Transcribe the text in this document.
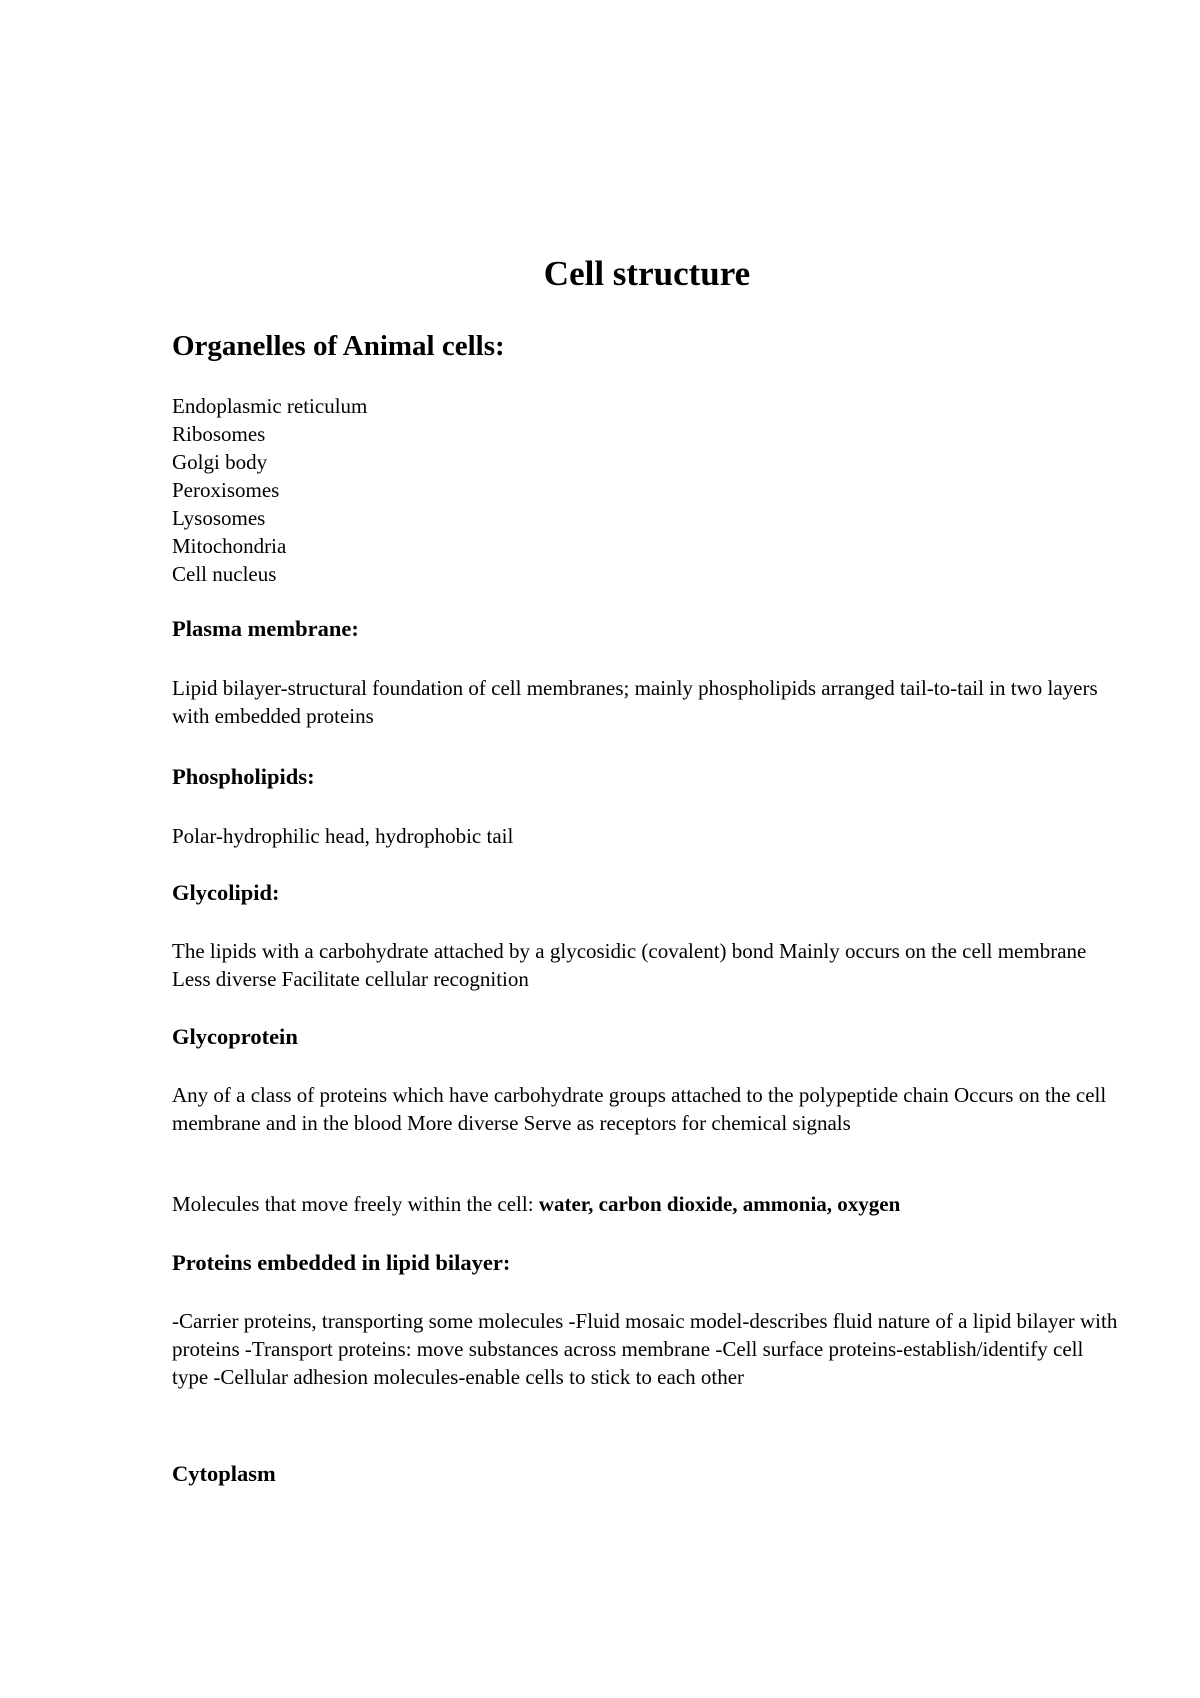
Cell structure
Organelles of Animal cells:
Endoplasmic reticulum
Ribosomes
Golgi body
Peroxisomes
Lysosomes
Mitochondria
Cell nucleus
Plasma membrane:

Lipid bilayer-structural foundation of cell membranes; mainly phospholipids arranged tail-to-tail in two layers with embedded proteins

Phospholipids:

Polar-hydrophilic head, hydrophobic tail

Glycolipid:

The lipids with a carbohydrate attached by a glycosidic (covalent) bond Mainly occurs on the cell membrane Less diverse Facilitate cellular recognition

Glycoprotein

Any of a class of proteins which have carbohydrate groups attached to the polypeptide chain Occurs on the cell membrane and in the blood More diverse Serve as receptors for chemical signals

Molecules that move freely within the cell: water, carbon dioxide, ammonia, oxygen

Proteins embedded in lipid bilayer:

-Carrier proteins, transporting some molecules -Fluid mosaic model-describes fluid nature of a lipid bilayer with proteins -Transport proteins: move substances across membrane -Cell surface proteins-establish/identify cell type -Cellular adhesion molecules-enable cells to stick to each other

Cytoplasm
